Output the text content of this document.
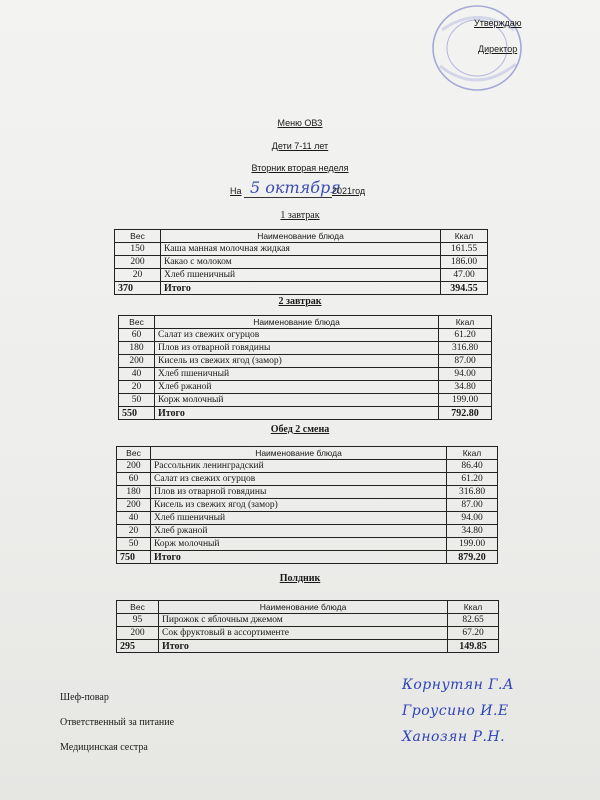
Утверждаю
Директор
Меню ОВЗ
Дети 7-11 лет
Вторник вторая неделя
На 5 октября
2021год
1 завтрак
Вес	Наименование блюда	Ккал
150	Каша манная молочная жидкая	161.55
200	Какао с молоком	186.00
20	Хлеб пшеничный	47.00
370	Итого	394.55
2 завтрак
Вес	Наименование блюда	Ккал
60	Салат из свежих огурцов	61.20
180	Плов из отварной говядины	316.80
200	Кисель из свежих ягод (замор)	87.00
40	Хлеб пшеничный	94.00
20	Хлеб ржаной	34.80
50	Корж молочный	199.00
550	Итого	792.80
Обед 2 смена
Вес	Наименование блюда	Ккал
200	Рассольник ленинградский	86.40
60	Салат из свежих огурцов	61.20
180	Плов из отварной говядины	316.80
200	Кисель из свежих ягод (замор)	87.00
40	Хлеб пшеничный	94.00
20	Хлеб ржаной	34.80
50	Корж молочный	199.00
750	Итого	879.20
Полдник
Вес	Наименование блюда	Ккал
95	Пирожок с яблочным джемом	82.65
200	Сок фруктовый в ассортименте	67.20
295	Итого	149.85
Шеф-повар
Ответственный за питание
Медицинская сестра
Корнутян Г.А
Гроусино И.Е
Ханозян Р.Н.
